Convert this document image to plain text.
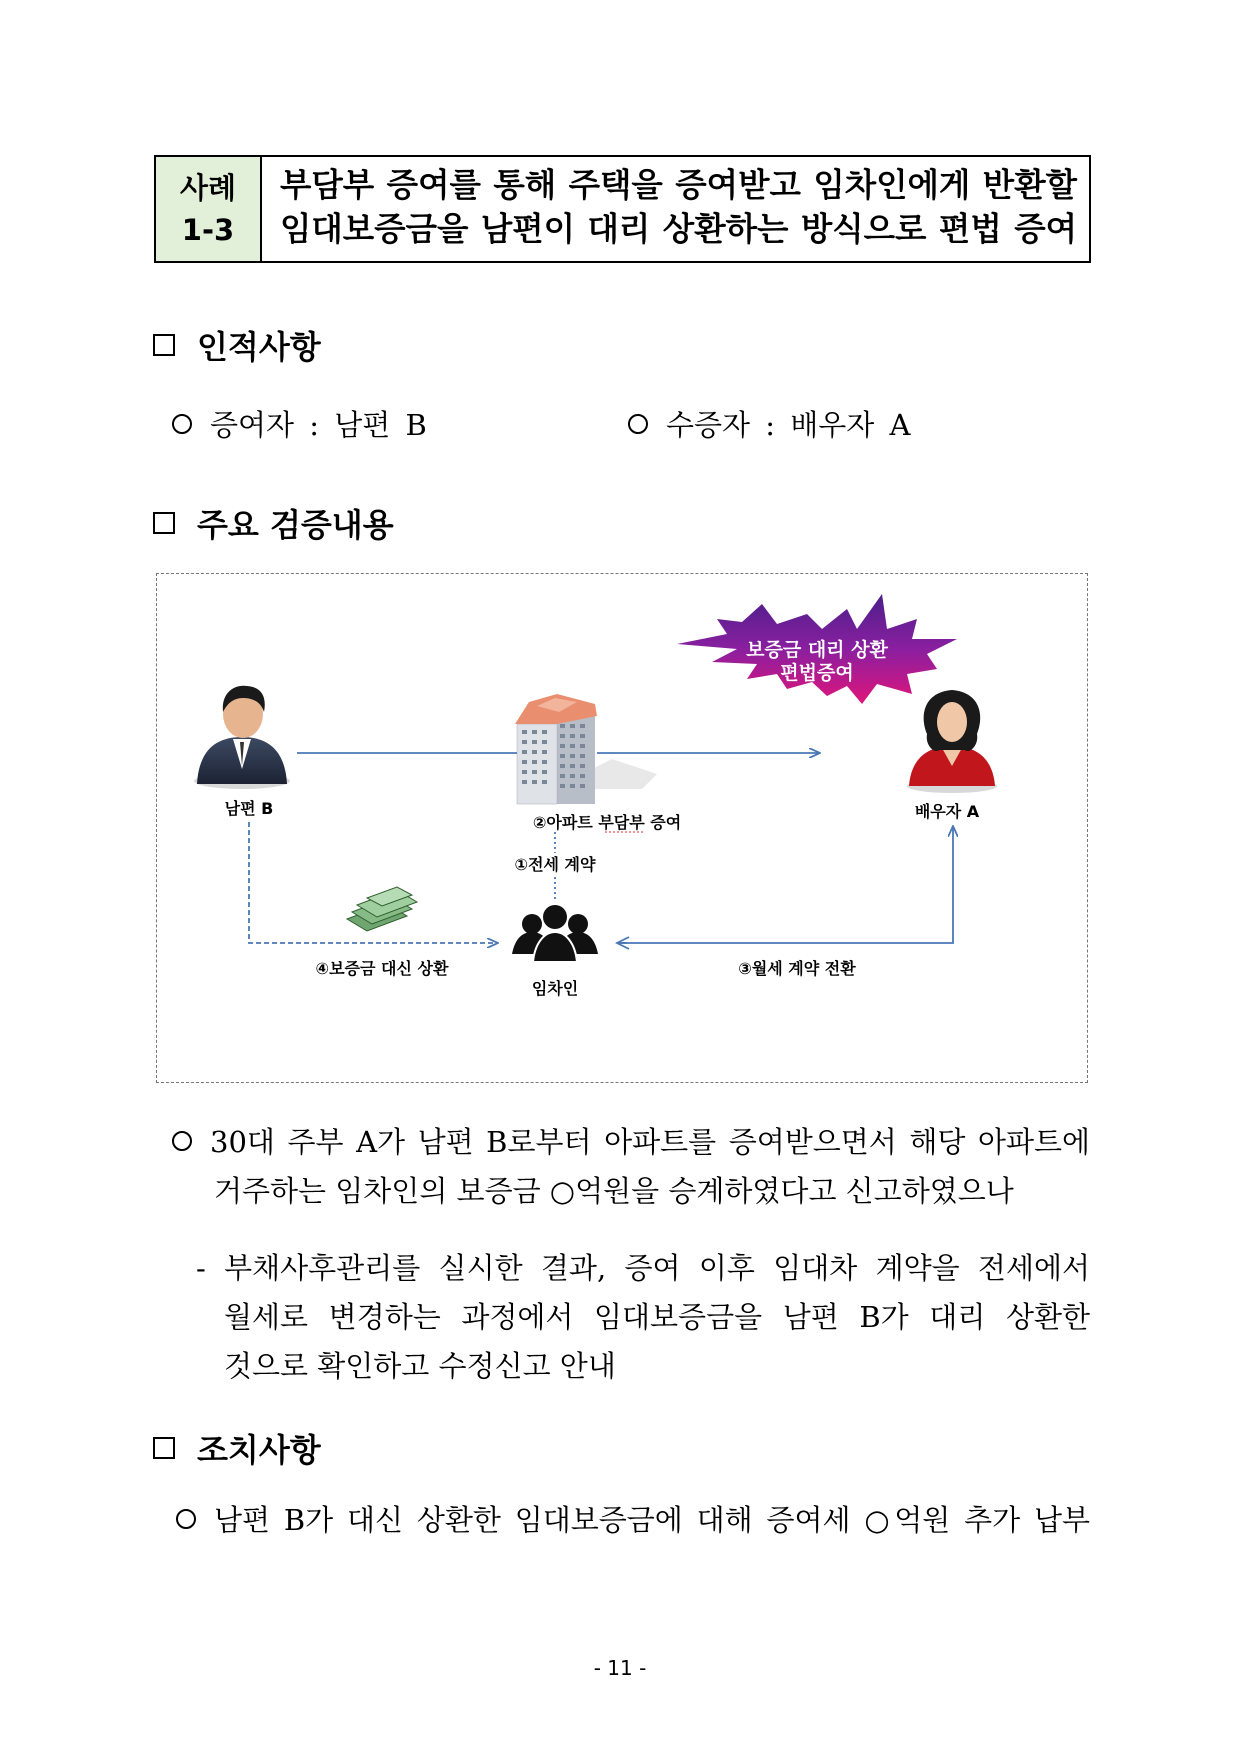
사례
1-3
부담부 증여를 통해 주택을 증여받고 임차인에게 반환할
임대보증금을 남편이 대리 상환하는 방식으로 편법 증여
인적사항
증여자 : 남편 B	수증자 : 배우자 A
주요 검증내용
보증금 대리 상환
편법증여
남편 B	배우자 A
②아파트 부담부 증여
①전세 계약
임차인
④보증금 대신 상환	③월세 계약 전환
30대 주부 A가 남편 B로부터 아파트를 증여받으면서 해당 아파트에
거주하는 임차인의 보증금 ○억원을 승계하였다고 신고하였으나
- 부채사후관리를 실시한 결과, 증여 이후 임대차 계약을 전세에서
월세로 변경하는 과정에서 임대보증금을 남편 B가 대리 상환한
것으로 확인하고 수정신고 안내
조치사항
남편 B가 대신 상환한 임대보증금에 대해 증여세 ○억원 추가 납부
- 11 -
